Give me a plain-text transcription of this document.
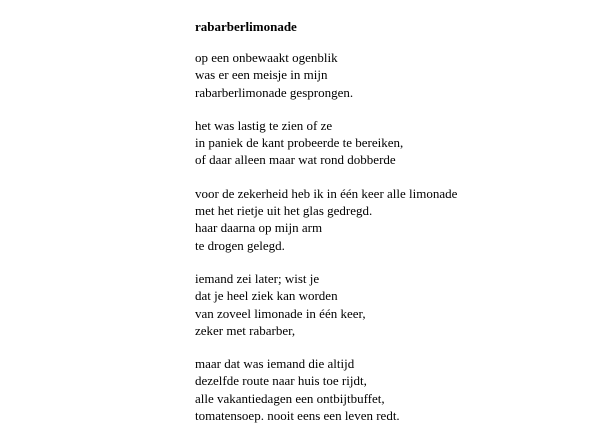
rabarberlimonade
op een onbewaakt ogenblik
was er een meisje in mijn
rabarberlimonade gesprongen.
het was lastig te zien of ze
in paniek de kant probeerde te bereiken,
of daar alleen maar wat rond dobberde
voor de zekerheid heb ik in één keer alle limonade
met het rietje uit het glas gedregd.
haar daarna op mijn arm
te drogen gelegd.
iemand zei later; wist je
dat je heel ziek kan worden
van zoveel limonade in één keer,
zeker met rabarber,
maar dat was iemand die altijd
dezelfde route naar huis toe rijdt,
alle vakantiedagen een ontbijtbuffet,
tomatensoep. nooit eens een leven redt.
